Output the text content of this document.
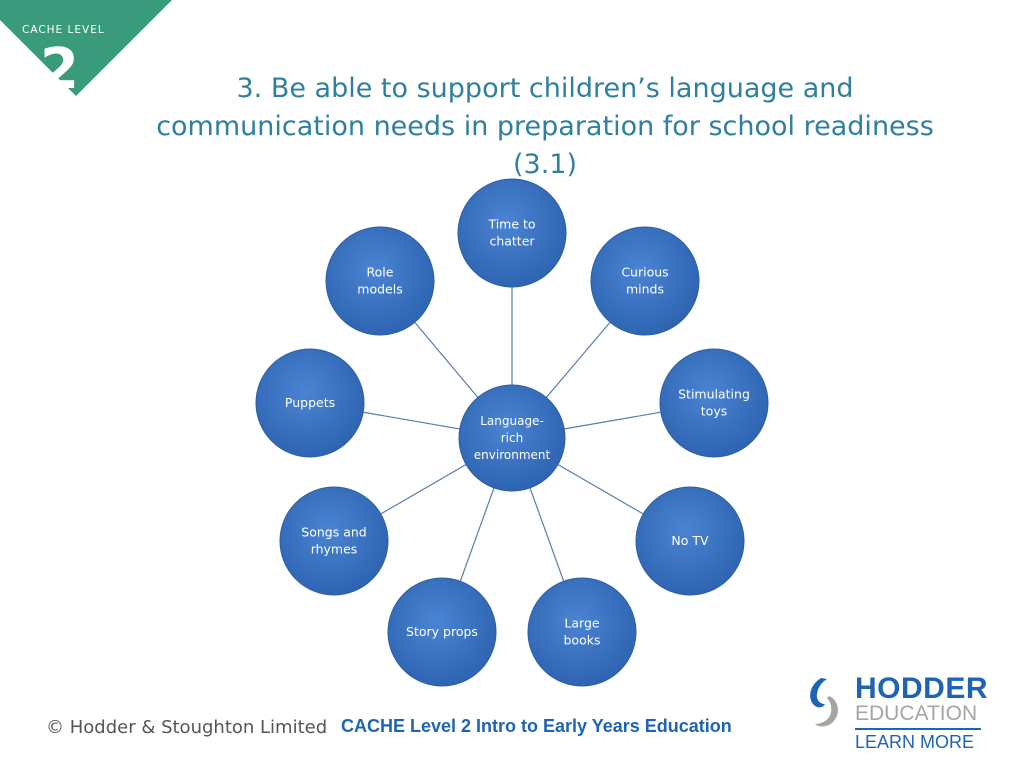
CACHE LEVEL
2	3. Be able to support children’s language and communication needs in preparation for school readiness (3.1)
Time to
chatter
Curious
minds
Stimulating
toys
No TV
Large
books
Story props
Songs and
rhymes
Puppets
Role
models
Language-
rich
environment
© Hodder & Stoughton Limited CACHE Level 2 Intro to Early Years Education
HODDER
EDUCATION
LEARN MORE
